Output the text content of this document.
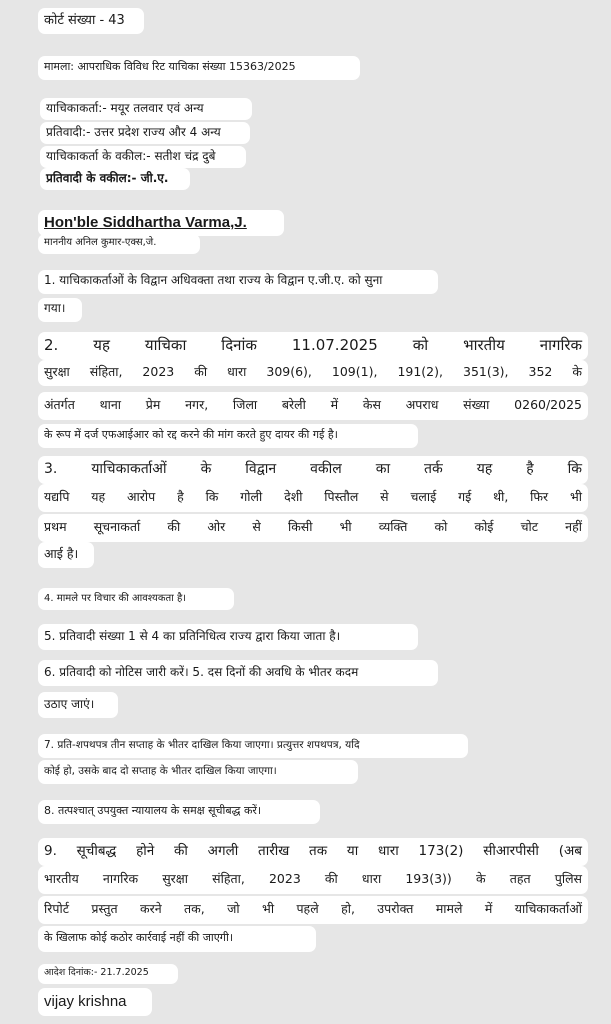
कोर्ट संख्या - 43
मामला: आपराधिक विविध रिट याचिका संख्या 15363/2025
याचिकाकर्ता:- मयूर तलवार एवं अन्य
प्रतिवादी:- उत्तर प्रदेश राज्य और 4 अन्य
याचिकाकर्ता के वकील:- सतीश चंद्र दुबे
प्रतिवादी के वकील:- जी.ए.
Hon'ble Siddhartha Varma,J.
माननीय अनिल कुमार-एक्स,जे.
1. याचिकाकर्ताओं के विद्वान अधिवक्ता तथा राज्य के विद्वान ए.जी.ए. को सुना
गया।
2. यह याचिका दिनांक 11.07.2025 को भारतीय नागरिक
सुरक्षा संहिता, 2023 की धारा 309(6), 109(1), 191(2), 351(3), 352 के
अंतर्गत थाना प्रेम नगर, जिला बरेली में केस अपराध संख्या 0260/2025
के रूप में दर्ज एफआईआर को रद्द करने की मांग करते हुए दायर की गई है।
3. याचिकाकर्ताओं के विद्वान वकील का तर्क यह है कि
यद्यपि यह आरोप है कि गोली देशी पिस्तौल से चलाई गई थी, फिर भी
प्रथम सूचनाकर्ता की ओर से किसी भी व्यक्ति को कोई चोट नहीं
आई है।
4. मामले पर विचार की आवश्यकता है।
5. प्रतिवादी संख्या 1 से 4 का प्रतिनिधित्व राज्य द्वारा किया जाता है।
6. प्रतिवादी को नोटिस जारी करें। 5. दस दिनों की अवधि के भीतर कदम
उठाए जाएं।
7. प्रति-शपथपत्र तीन सप्ताह के भीतर दाखिल किया जाएगा। प्रत्युत्तर शपथपत्र, यदि
कोई हो, उसके बाद दो सप्ताह के भीतर दाखिल किया जाएगा।
8. तत्पश्चात् उपयुक्त न्यायालय के समक्ष सूचीबद्ध करें।
9. सूचीबद्ध होने की अगली तारीख तक या धारा 173(2) सीआरपीसी (अब
भारतीय नागरिक सुरक्षा संहिता, 2023 की धारा 193(3)) के तहत पुलिस
रिपोर्ट प्रस्तुत करने तक, जो भी पहले हो, उपरोक्त मामले में याचिकाकर्ताओं
के खिलाफ कोई कठोर कार्रवाई नहीं की जाएगी।
आदेश दिनांक:- 21.7.2025
vijay krishna
